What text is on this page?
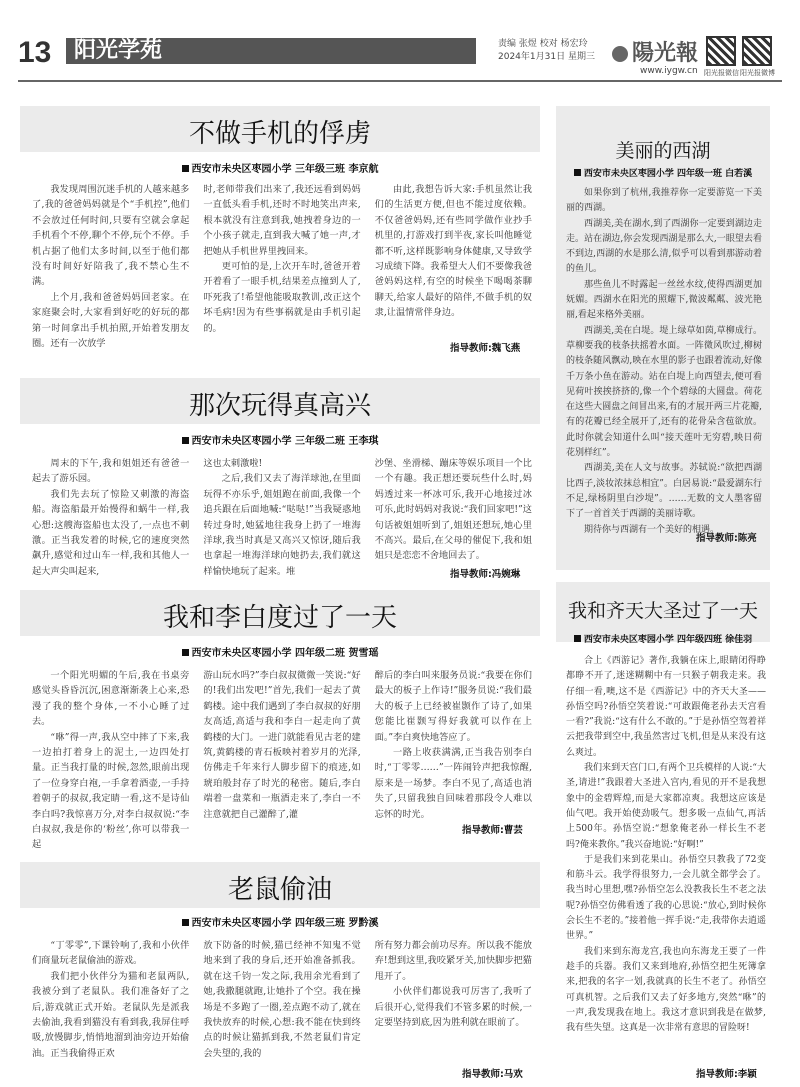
13 阳光学苑	责编 张煜 校对 杨宏玲
2024年1月31日 星期三	陽光報
www.iygw.cn 阳光报微信 阳光报微博
不做手机的俘虏
西安市未央区枣园小学 三年级三班 李京航

我发现周围沉迷手机的人越来越多了,我的爸爸妈妈就是个“手机控”,他们不会放过任何时间,只要有空就会拿起手机看个不停,聊个不停,玩个不停。手机占据了他们太多时间,以至于他们都没有时间好好陪我了,我不禁心生不满。

上个月,我和爸爸妈妈回老家。在家庭聚会时,大家看到好吃的好玩的都第一时间拿出手机拍照,开始着发朋友圈。还有一次放学

时,老师带我们出来了,我还远看到妈妈一直低头看手机,还时不时地笑出声来,根本就没有注意到我,她拽着身边的一个小孩子就走,直到我大喊了她一声,才把她从手机世界里拽回来。

更可怕的是,上次开车时,爸爸开着开着看了一眼手机,结果差点撞到人了,吓死我了!希望他能吸取教训,改正这个坏毛病!因为有些事祸就是由手机引起的。

由此,我想告诉大家:手机虽然让我们的生活更方便,但也不能过度依赖。不仅爸爸妈妈,还有些同学做作业抄手机里的,打游戏打到半夜,家长叫他睡觉都不听,这样既影响身体健康,又导致学习成绩下降。我希望大人们不要像我爸爸妈妈这样,有空的时候坐下喝喝茶聊聊天,给家人最好的陪伴,不做手机的奴隶,让温情常伴身边。

指导教师:魏飞燕
那次玩得真高兴
西安市未央区枣园小学 三年级二班 王李琪

周末的下午,我和姐姐还有爸爸一起去了游乐园。

我们先去玩了惊险又刺激的海盗船。海盗船最开始慢得和蜗牛一样,我心想:这艘海盗船也太没了,一点也不刺激。正当我发着的时候,它的速度突然飙升,感觉和过山车一样,我和其他人一起大声尖叫起来,

这也太刺激啦!

之后,我们又去了海洋球池,在里面玩得不亦乐乎,姐姐跑在前面,我像一个追兵跟在后面地喊:“哒哒!”当我疑惑地转过身时,她猛地往我身上扔了一堆海洋球,我当时真是又高兴又惊讶,随后我也拿起一堆海洋球向她扔去,我们就这样愉快地玩了起来。堆

沙堡、坐滑梯、蹦床等娱乐项目一个比一个有趣。我正想还要玩些什么时,妈妈透过来一杯冰可乐,我开心地接过冰可乐,此时妈妈对我说:“我们回家吧!”这句话被姐姐听到了,姐姐还想玩,她心里不高兴。最后,在父母的催促下,我和姐姐只是恋恋不舍地回去了。

指导教师:冯婉琳
我和李白度过了一天
西安市未央区枣园小学 四年级二班 贺雪瑶

一个阳光明媚的午后,我在书桌旁感觉头昏昏沉沉,困意渐渐袭上心来,恐漫了我的整个身体,一不小心睡了过去。

“咻”得一声,我从空中摔了下来,我一边拍打着身上的泥土,一边四处打量。正当我打量的时候,忽然,眼前出现了一位身穿白袍,一手拿着酒壶,一手持着朝子的叔叔,我定睛一看,这不是诗仙李白吗?我惊喜万分,对李白叔叔说:“李白叔叔,我是你的‘粉丝’,你可以带我一起

游山玩水吗?”李白叔叔微微一笑说:“好的!我们出发吧!”首先,我们一起去了黄鹤楼。途中我们遇到了李白叔叔的好朋友高适,高适与我和李白一起走向了黄鹤楼的大门。一进门就能看见古老的建筑,黄鹤楼的青石板映衬着岁月的光泽,仿佛走千年来行人脚步留下的痕迹,如琥珀般封存了时光的秘密。随后,李白端着一盘菜和一瓶酒走来了,李白一不注意就把自己灌醉了,灌

醉后的李白叫来服务员说:“我要在你们最大的板子上作诗!”服务员说:“我们最大的板子上已经被崔颢作了诗了,如果您能比崔颢写得好我就可以作在上面。”李白爽快地答应了。

一路上收获满满,正当我告别李白时,“丁零零……”一阵闹铃声把我惊醒,原来是一场梦。李白不见了,高适也消失了,只留我独自回味着那段令人难以忘怀的时光。

指导教师:曹芸
老鼠偷油
西安市未央区枣园小学 四年级三班 罗黔溪

“丁零零”,下课铃响了,我和小伙伴们商量玩老鼠偷油的游戏。

我们把小伙伴分为猫和老鼠两队,我被分到了老鼠队。我们准备好了之后,游戏就正式开始。老鼠队先是派我去偷油,我看到猫没有看到我,我屏住呼吸,放慢脚步,悄悄地溜到油旁边开始偷油。正当我偷得正欢

放下防备的时候,猫已经神不知鬼不觉地来到了我的身后,还开始准备抓我。就在这千钧一发之际,我用余光看到了她,我撒腿就跑,让她扑了个空。我在操场是不多跑了一圈,差点跑不动了,就在我快放弃的时候,心想:我不能在快到终点的时候让猫抓到我,不然老鼠们肯定会失望的,我的

所有努力都会前功尽弃。所以我不能放弃!想到这里,我咬紧牙关,加快脚步把猫甩开了。

小伙伴们都说我可厉害了,我听了后很开心,觉得我们不管多累的时候,一定要坚持到底,因为胜利就在眼前了。

指导教师:马欢
美丽的西湖
西安市未央区枣园小学 四年级一班 白若溪

如果你到了杭州,我推荐你一定要游览一下美丽的西湖。

西湖美,美在湖水,到了西湖你一定要到湖边走走。站在湖边,你会发现西湖是那么大,一眼望去看不到边,西湖的水是那么清,似乎可以看到那游动着的鱼儿。

那些鱼儿不时露起一丝丝水纹,使得西湖更加妩媚。西湖水在阳光的照耀下,微波粼粼、波光艳丽,看起来格外美丽。

西湖美,美在白堤。堤上绿草如茵,草柳成行。草柳要我的枝条扶摇着水面。一阵微风吹过,柳树的枝条随风飘动,映在水里的影子也跟着流动,好像千万条小鱼在游动。站在白堤上向西望去,便可看见荷叶挨挨挤挤的,像一个个碧绿的大圆盘。荷花在这些大圆盘之间冒出来,有的才展开两三片花瓣,有的花瓣已经全展开了,还有的花骨朵含苞欲放。此时你就会知道什么叫“接天莲叶无穷碧,映日荷花别样红”。

西湖美,美在人文与故事。苏轼说:“欲把西湖比西子,淡妆浓抹总相宜”。白居易说:“最爱湖东行不足,绿杨阴里白沙堤”。……无数的文人墨客留下了一首首关于西湖的美丽诗歌。

期待你与西湖有一个美好的相遇。

指导教师:陈亮
我和齐天大圣过了一天
西安市未央区枣园小学 四年级四班 徐佳羽

合上《西游记》著作,我躺在床上,眼睛闭得睁都睁不开了,迷迷糊糊中有一只猴子朝我走来。我仔细一看,噢,这不是《西游记》中的齐天大圣——孙悟空吗?孙悟空笑着说:“可敢跟俺老孙去天宫看一看?”我说:“这有什么不敢的。”于是孙悟空驾着祥云把我带到空中,我虽然害过飞机,但是从来没有这么爽过。

我们来到天宫门口,有两个卫兵模样的人说:“大圣,请进!”我跟着大圣进入宫内,看见的开不是我想象中的金碧辉煌,而是大家都凉爽。我想这应该是仙气吧。我开始使劲吸气。想多吸一点仙气,再活上500年。孙悟空说:“想象俺老孙一样长生不老吗?俺来教你。”我兴奋地说:“好啊!”

于是我们来到花果山。孙悟空只教我了72变和筋斗云。我学得很努力,一会儿就全都学会了。我当时心里想,嘿?孙悟空怎么没教我长生不老之法呢?孙悟空仿佛看透了我的心思说:“放心,到时候你会长生不老的。”接着他一挥手说:“走,我带你去逍遥世界。”

我们来到东海龙宫,我也向东海龙王要了一件趁手的兵器。我们又来到地府,孙悟空把生死簿拿来,把我的名字一划,我就真的长生不老了。孙悟空可真机智。之后我们又去了好多地方,突然“咻”的一声,我发现我在地上。我这才意识到我是在做梦,我有些失望。这真是一次非常有意思的冒险呀!

指导教师:李颖
